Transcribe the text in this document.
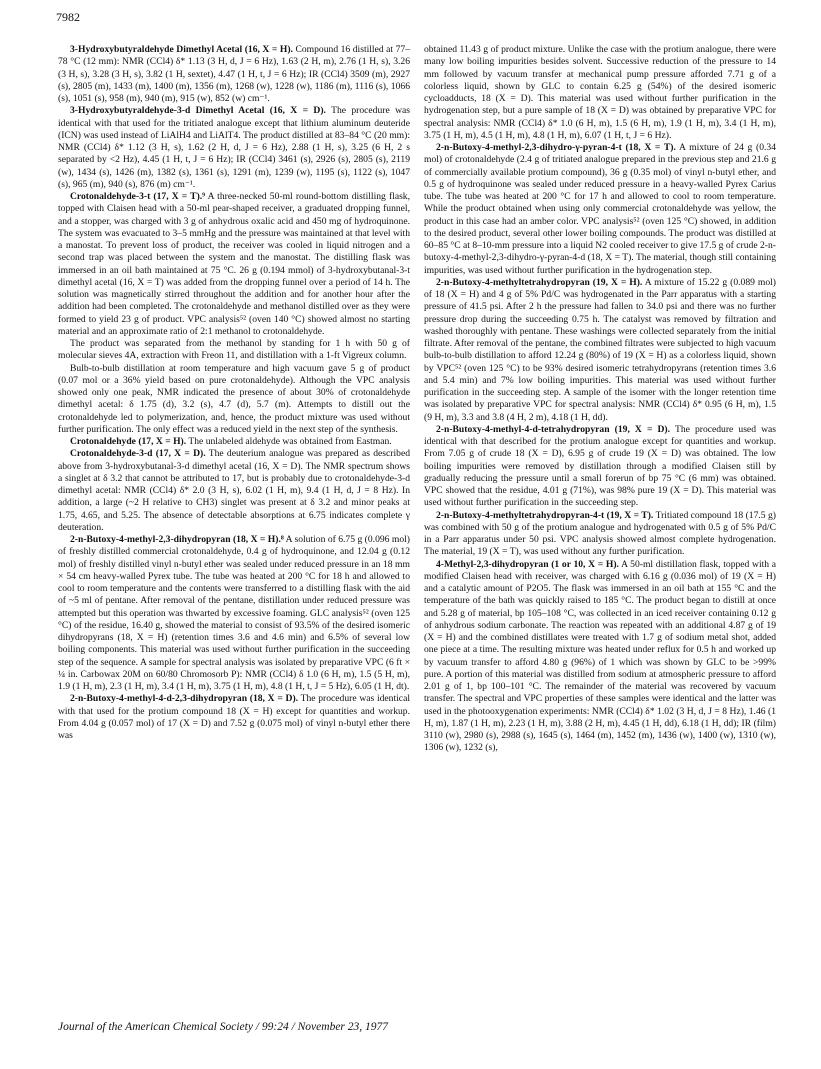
7982

3-Hydroxybutyraldehyde Dimethyl Acetal (16, X = H). Compound 16 distilled at 77–78 °C (12 mm): NMR (CCl4) δ* 1.13 (3 H, d, J = 6 Hz), 1.63 (2 H, m), 2.76 (1 H, s), 3.26 (3 H, s), 3.28 (3 H, s), 3.82 (1 H, sextet), 4.47 (1 H, t, J = 6 Hz); IR (CCl4) 3509 (m), 2927 (s), 2805 (m), 1433 (m), 1400 (m), 1356 (m), 1268 (w), 1228 (w), 1186 (m), 1116 (s), 1066 (s), 1051 (s), 958 (m), 940 (m), 915 (w), 852 (w) cm⁻¹.

3-Hydroxybutyraldehyde-3-d Dimethyl Acetal (16, X = D). The procedure was identical with that used for the tritiated analogue except that lithium aluminum deuteride (ICN) was used instead of LiAlH4 and LiAlT4. The product distilled at 83–84 °C (20 mm): NMR (CCl4) δ* 1.12 (3 H, s), 1.62 (2 H, d, J = 6 Hz), 2.88 (1 H, s), 3.25 (6 H, 2 s separated by <2 Hz), 4.45 (1 H, t, J = 6 Hz); IR (CCl4) 3461 (s), 2926 (s), 2805 (s), 2119 (w), 1434 (s), 1426 (m), 1382 (s), 1361 (s), 1291 (m), 1239 (w), 1195 (s), 1122 (s), 1047 (s), 965 (m), 940 (s), 876 (m) cm⁻¹.

Crotonaldehyde-3-t (17, X = T).⁹ A three-necked 50-ml round-bottom distilling flask, topped with Claisen head with a 50-ml pear-shaped receiver, a graduated dropping funnel, and a stopper, was charged with 3 g of anhydrous oxalic acid and 450 mg of hydroquinone. The system was evacuated to 3–5 mmHg and the pressure was maintained at that level with a manostat. To prevent loss of product, the receiver was cooled in liquid nitrogen and a second trap was placed between the system and the manostat. The distilling flask was immersed in an oil bath maintained at 75 °C. 26 g (0.194 mmol) of 3-hydroxybutanal-3-t dimethyl acetal (16, X = T) was added from the dropping funnel over a period of 14 h. The solution was magnetically stirred throughout the addition and for another hour after the addition had been completed. The crotonaldehyde and methanol distilled over as they were formed to yield 23 g of product. VPC analysis⁵² (oven 140 °C) showed almost no starting material and an approximate ratio of 2:1 methanol to crotonaldehyde.

The product was separated from the methanol by standing for 1 h with 50 g of molecular sieves 4A, extraction with Freon 11, and distillation with a 1-ft Vigreux column.

Bulb-to-bulb distillation at room temperature and high vacuum gave 5 g of product (0.07 mol or a 36% yield based on pure crotonaldehyde). Although the VPC analysis showed only one peak, NMR indicated the presence of about 30% of crotonaldehyde dimethyl acetal: δ 1.75 (d), 3.2 (s), 4.7 (d), 5.7 (m). Attempts to distill out the crotonaldehyde led to polymerization, and, hence, the product mixture was used without further purification. The only effect was a reduced yield in the next step of the synthesis.

Crotonaldehyde (17, X = H). The unlabeled aldehyde was obtained from Eastman.

Crotonaldehyde-3-d (17, X = D). The deuterium analogue was prepared as described above from 3-hydroxybutanal-3-d dimethyl acetal (16, X = D). The NMR spectrum shows a singlet at δ 3.2 that cannot be attributed to 17, but is probably due to crotonaldehyde-3-d dimethyl acetal: NMR (CCl4) δ* 2.0 (3 H, s), 6.02 (1 H, m), 9.4 (1 H, d, J = 8 Hz). In addition, a large (~2 H relative to CH3) singlet was present at δ 3.2 and minor peaks at 1.75, 4.65, and 5.25. The absence of detectable absorptions at 6.75 indicates complete γ deuteration.

2-n-Butoxy-4-methyl-2,3-dihydropyran (18, X = H).⁸ A solution of 6.75 g (0.096 mol) of freshly distilled commercial crotonaldehyde, 0.4 g of hydroquinone, and 12.04 g (0.12 mol) of freshly distilled vinyl n-butyl ether was sealed under reduced pressure in an 18 mm × 54 cm heavy-walled Pyrex tube. The tube was heated at 200 °C for 18 h and allowed to cool to room temperature and the contents were transferred to a distilling flask with the aid of ~5 ml of pentane. After removal of the pentane, distillation under reduced pressure was attempted but this operation was thwarted by excessive foaming. GLC analysis⁵² (oven 125 °C) of the residue, 16.40 g, showed the material to consist of 93.5% of the desired isomeric dihydropyrans (18, X = H) (retention times 3.6 and 4.6 min) and 6.5% of several low boiling components. This material was used without further purification in the succeeding step of the sequence. A sample for spectral analysis was isolated by preparative VPC (6 ft × ¼ in. Carbowax 20M on 60/80 Chromosorb P): NMR (CCl4) δ 1.0 (6 H, m), 1.5 (5 H, m), 1.9 (1 H, m), 2.3 (1 H, m), 3.4 (1 H, m), 3.75 (1 H, m), 4.8 (1 H, t, J = 5 Hz), 6.05 (1 H, dt).

2-n-Butoxy-4-methyl-4-d-2,3-dihydropyran (18, X = D). The procedure was identical with that used for the protium compound 18 (X = H) except for quantities and workup. From 4.04 g (0.057 mol) of 17 (X = D) and 7.52 g (0.075 mol) of vinyl n-butyl ether there was

obtained 11.43 g of product mixture. Unlike the case with the protium analogue, there were many low boiling impurities besides solvent. Successive reduction of the pressure to 14 mm followed by vacuum transfer at mechanical pump pressure afforded 7.71 g of a colorless liquid, shown by GLC to contain 6.25 g (54%) of the desired isomeric cycloadducts, 18 (X = D). This material was used without further purification in the hydrogenation step, but a pure sample of 18 (X = D) was obtained by preparative VPC for spectral analysis: NMR (CCl4) δ* 1.0 (6 H, m), 1.5 (6 H, m), 1.9 (1 H, m), 3.4 (1 H, m), 3.75 (1 H, m), 4.5 (1 H, m), 4.8 (1 H, m), 6.07 (1 H, t, J = 6 Hz).

2-n-Butoxy-4-methyl-2,3-dihydro-γ-pyran-4-t (18, X = T). A mixture of 24 g (0.34 mol) of crotonaldehyde (2.4 g of tritiated analogue prepared in the previous step and 21.6 g of commercially available protium compound), 36 g (0.35 mol) of vinyl n-butyl ether, and 0.5 g of hydroquinone was sealed under reduced pressure in a heavy-walled Pyrex Carius tube. The tube was heated at 200 °C for 17 h and allowed to cool to room temperature. While the product obtained when using only commercial crotonaldehyde was yellow, the product in this case had an amber color. VPC analysis⁵² (oven 125 °C) showed, in addition to the desired product, several other lower boiling compounds. The product was distilled at 60–85 °C at 8–10-mm pressure into a liquid N2 cooled receiver to give 17.5 g of crude 2-n-butoxy-4-methyl-2,3-dihydro-γ-pyran-4-d (18, X = T). The material, though still containing impurities, was used without further purification in the hydrogenation step.

2-n-Butoxy-4-methyltetrahydropyran (19, X = H). A mixture of 15.22 g (0.089 mol) of 18 (X = H) and 4 g of 5% Pd/C was hydrogenated in the Parr apparatus with a starting pressure of 41.5 psi. After 2 h the pressure had fallen to 34.0 psi and there was no further pressure drop during the succeeding 0.75 h. The catalyst was removed by filtration and washed thoroughly with pentane. These washings were collected separately from the initial filtrate. After removal of the pentane, the combined filtrates were subjected to high vacuum bulb-to-bulb distillation to afford 12.24 g (80%) of 19 (X = H) as a colorless liquid, shown by VPC⁵² (oven 125 °C) to be 93% desired isomeric tetrahydropyrans (retention times 3.6 and 5.4 min) and 7% low boiling impurities. This material was used without further purification in the succeeding step. A sample of the isomer with the longer retention time was isolated by preparative VPC for spectral analysis: NMR (CCl4) δ* 0.95 (6 H, m), 1.5 (9 H, m), 3.3 and 3.8 (4 H, 2 m), 4.18 (1 H, dd).

2-n-Butoxy-4-methyl-4-d-tetrahydropyran (19, X = D). The procedure used was identical with that described for the protium analogue except for quantities and workup. From 7.05 g of crude 18 (X = D), 6.95 g of crude 19 (X = D) was obtained. The low boiling impurities were removed by distillation through a modified Claisen still by gradually reducing the pressure until a small forerun of bp 75 °C (6 mm) was obtained. VPC showed that the residue, 4.01 g (71%), was 98% pure 19 (X = D). This material was used without further purification in the succeeding step.

2-n-Butoxy-4-methyltetrahydropyran-4-t (19, X = T). Tritiated compound 18 (17.5 g) was combined with 50 g of the protium analogue and hydrogenated with 0.5 g of 5% Pd/C in a Parr apparatus under 50 psi. VPC analysis showed almost complete hydrogenation. The material, 19 (X = T), was used without any further purification.

4-Methyl-2,3-dihydropyran (1 or 10, X = H). A 50-ml distillation flask, topped with a modified Claisen head with receiver, was charged with 6.16 g (0.036 mol) of 19 (X = H) and a catalytic amount of P2O5. The flask was immersed in an oil bath at 155 °C and the temperature of the bath was quickly raised to 185 °C. The product began to distill at once and 5.28 g of material, bp 105–108 °C, was collected in an iced receiver containing 0.12 g of anhydrous sodium carbonate. The reaction was repeated with an additional 4.87 g of 19 (X = H) and the combined distillates were treated with 1.7 g of sodium metal shot, added one piece at a time. The resulting mixture was heated under reflux for 0.5 h and worked up by vacuum transfer to afford 4.80 g (96%) of 1 which was shown by GLC to be >99% pure. A portion of this material was distilled from sodium at atmospheric pressure to afford 2.01 g of 1, bp 100–101 °C. The remainder of the material was recovered by vacuum transfer. The spectral and VPC properties of these samples were identical and the latter was used in the photooxygenation experiments: NMR (CCl4) δ* 1.02 (3 H, d, J = 8 Hz), 1.46 (1 H, m), 1.87 (1 H, m), 2.23 (1 H, m), 3.88 (2 H, m), 4.45 (1 H, dd), 6.18 (1 H, dd); IR (film) 3110 (w), 2980 (s), 2988 (s), 1645 (s), 1464 (m), 1452 (m), 1436 (w), 1400 (w), 1310 (w), 1306 (w), 1232 (s),

Journal of the American Chemical Society / 99:24 / November 23, 1977
